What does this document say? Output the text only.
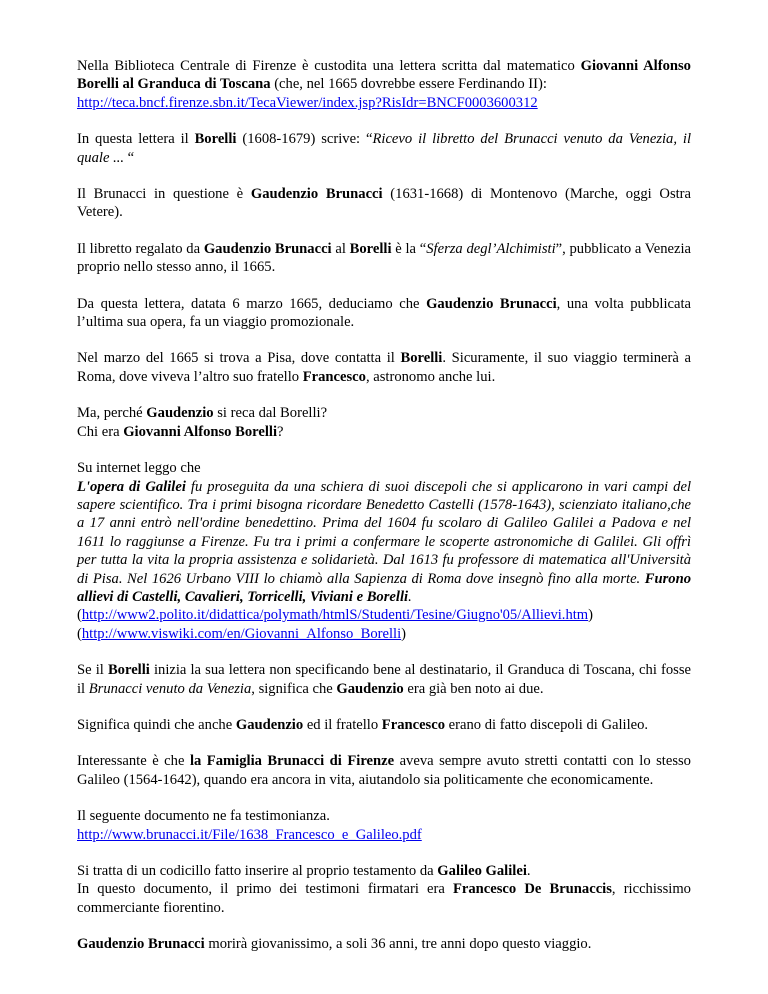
Nella Biblioteca Centrale di Firenze è custodita una lettera scritta dal matematico Giovanni Alfonso Borelli al Granduca di Toscana (che, nel 1665 dovrebbe essere Ferdinando II):
http://teca.bncf.firenze.sbn.it/TecaViewer/index.jsp?RisIdr=BNCF0003600312

In questa lettera il Borelli (1608-1679) scrive: “Ricevo il libretto del Brunacci venuto da Venezia, il quale ... “

Il Brunacci in questione è Gaudenzio Brunacci (1631-1668) di Montenovo (Marche, oggi Ostra Vetere).

Il libretto regalato da Gaudenzio Brunacci al Borelli è la “Sferza degl’Alchimisti”, pubblicato a Venezia proprio nello stesso anno, il 1665.

Da questa lettera, datata 6 marzo 1665, deduciamo che Gaudenzio Brunacci, una volta pubblicata l’ultima sua opera, fa un viaggio promozionale.

Nel marzo del 1665 si trova a Pisa, dove contatta il Borelli. Sicuramente, il suo viaggio terminerà a Roma, dove viveva l’altro suo fratello Francesco, astronomo anche lui.

Ma, perché Gaudenzio si reca dal Borelli?
Chi era Giovanni Alfonso Borelli?

Su internet leggo che
L'opera di Galilei fu proseguita da una schiera di suoi discepoli che si applicarono in vari campi del sapere scientifico. Tra i primi bisogna ricordare Benedetto Castelli (1578-1643), scienziato italiano,che a 17 anni entrò nell'ordine benedettino. Prima del 1604 fu scolaro di Galileo Galilei a Padova e nel 1611 lo raggiunse a Firenze. Fu tra i primi a confermare le scoperte astronomiche di Galilei. Gli offrì per tutta la vita la propria assistenza e solidarietà. Dal 1613 fu professore di matematica all'Università di Pisa. Nel 1626 Urbano VIII lo chiamò alla Sapienza di Roma dove insegnò fino alla morte. Furono allievi di Castelli, Cavalieri, Torricelli, Viviani e Borelli.
(http://www2.polito.it/didattica/polymath/htmlS/Studenti/Tesine/Giugno'05/Allievi.htm)
(http://www.viswiki.com/en/Giovanni_Alfonso_Borelli)

Se il Borelli inizia la sua lettera non specificando bene al destinatario, il Granduca di Toscana, chi fosse il Brunacci venuto da Venezia, significa che Gaudenzio era già ben noto ai due.

Significa quindi che anche Gaudenzio ed il fratello Francesco erano di fatto discepoli di Galileo.

Interessante è che la Famiglia Brunacci di Firenze aveva sempre avuto stretti contatti con lo stesso Galileo (1564-1642), quando era ancora in vita, aiutandolo sia politicamente che economicamente.

Il seguente documento ne fa testimonianza.
http://www.brunacci.it/File/1638_Francesco_e_Galileo.pdf

Si tratta di un codicillo fatto inserire al proprio testamento da Galileo Galilei.
In questo documento, il primo dei testimoni firmatari era Francesco De Brunaccis, ricchissimo commerciante fiorentino.

Gaudenzio Brunacci morirà giovanissimo, a soli 36 anni, tre anni dopo questo viaggio.
